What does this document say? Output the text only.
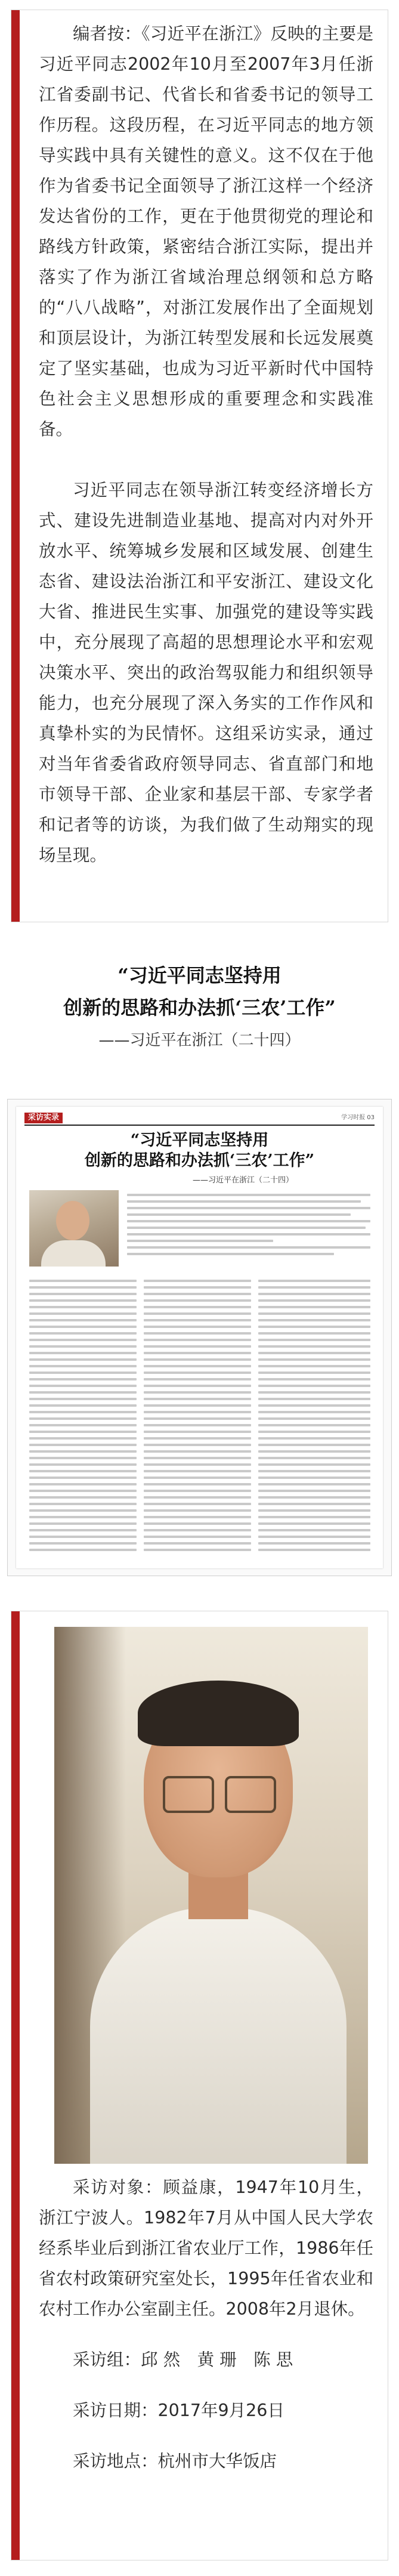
编者按：《习近平在浙江》反映的主要是习近平同志2002年10月至2007年3月任浙江省委副书记、代省长和省委书记的领导工作历程。这段历程，在习近平同志的地方领导实践中具有关键性的意义。这不仅在于他作为省委书记全面领导了浙江这样一个经济发达省份的工作，更在于他贯彻党的理论和路线方针政策，紧密结合浙江实际，提出并落实了作为浙江省域治理总纲领和总方略的“八八战略”，对浙江发展作出了全面规划和顶层设计，为浙江转型发展和长远发展奠定了坚实基础，也成为习近平新时代中国特色社会主义思想形成的重要理念和实践准备。

习近平同志在领导浙江转变经济增长方式、建设先进制造业基地、提高对内对外开放水平、统筹城乡发展和区域发展、创建生态省、建设法治浙江和平安浙江、建设文化大省、推进民生实事、加强党的建设等实践中，充分展现了高超的思想理论水平和宏观决策水平、突出的政治驾驭能力和组织领导能力，也充分展现了深入务实的工作作风和真挚朴实的为民情怀。这组采访实录，通过对当年省委省政府领导同志、省直部门和地市领导干部、企业家和基层干部、专家学者和记者等的访谈，为我们做了生动翔实的现场呈现。

“习近平同志坚持用
创新的思路和办法抓‘三农’工作”
——习近平在浙江（二十四）
采访实录	学习时报 03
“习近平同志坚持用
创新的思路和办法抓‘三农’工作”
——习近平在浙江（二十四）

采访对象：顾益康，1947年10月生，浙江宁波人。1982年7月从中国人民大学农经系毕业后到浙江省农业厅工作，1986年任省农村政策研究室处长，1995年任省农业和农村工作办公室副主任。2008年2月退休。

采访组：邱 然　黄 珊　陈 思

采访日期：2017年9月26日

采访地点：杭州市大华饭店
